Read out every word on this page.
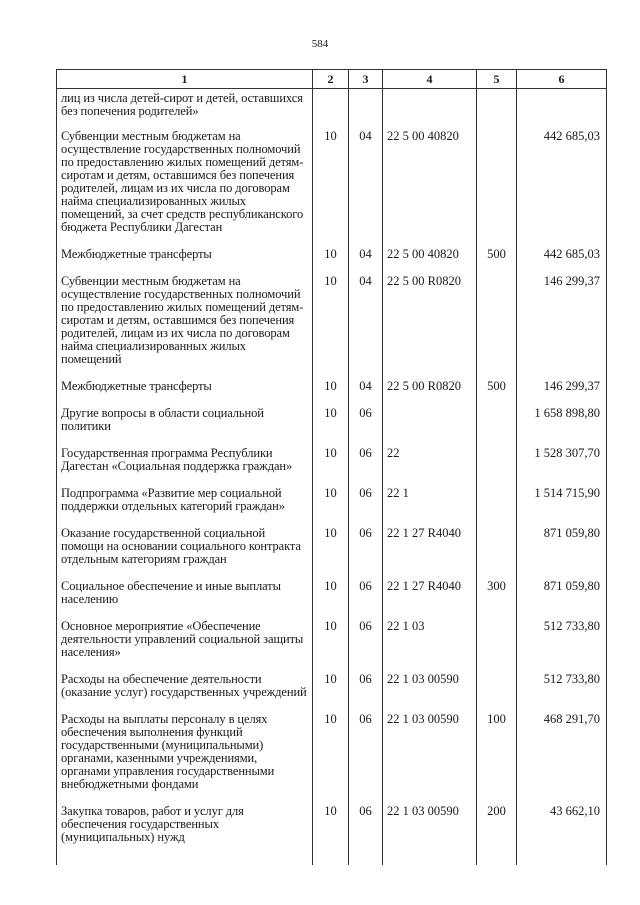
584
1	2	3	4	5	6
лиц из числа детей-сирот и детей, оставшихся без попечения родителей»					
Субвенции местным бюджетам на осуществление государственных полномочий по предоставлению жилых помещений детям-сиротам и детям, оставшимся без попечения родителей, лицам из их числа по договорам найма специализированных жилых помещений, за счет средств республиканского бюджета Республики Дагестан	10	04	22 5 00 40820		442 685,03
Межбюджетные трансферты	10	04	22 5 00 40820	500	442 685,03
Субвенции местным бюджетам на осуществление государственных полномочий по предоставлению жилых помещений детям-сиротам и детям, оставшимся без попечения родителей, лицам из их числа по договорам найма специализированных жилых помещений	10	04	22 5 00 R0820		146 299,37
Межбюджетные трансферты	10	04	22 5 00 R0820	500	146 299,37
Другие вопросы в области социальной политики	10	06			1 658 898,80
Государственная программа Республики Дагестан «Социальная поддержка граждан»	10	06	22		1 528 307,70
Подпрограмма «Развитие мер социальной поддержки отдельных категорий граждан»	10	06	22 1		1 514 715,90
Оказание государственной социальной помощи на основании социального контракта отдельным категориям граждан	10	06	22 1 27 R4040		871 059,80
Социальное обеспечение и иные выплаты населению	10	06	22 1 27 R4040	300	871 059,80
Основное мероприятие «Обеспечение деятельности управлений социальной защиты населения»	10	06	22 1 03		512 733,80
Расходы на обеспечение деятельности (оказание услуг) государственных учреждений	10	06	22 1 03 00590		512 733,80
Расходы на выплаты персоналу в целях обеспечения выполнения функций государственными (муниципальными) органами, казенными учреждениями, органами управления государственными внебюджетными фондами	10	06	22 1 03 00590	100	468 291,70
Закупка товаров, работ и услуг для обеспечения государственных (муниципальных) нужд	10	06	22 1 03 00590	200	43 662,10
